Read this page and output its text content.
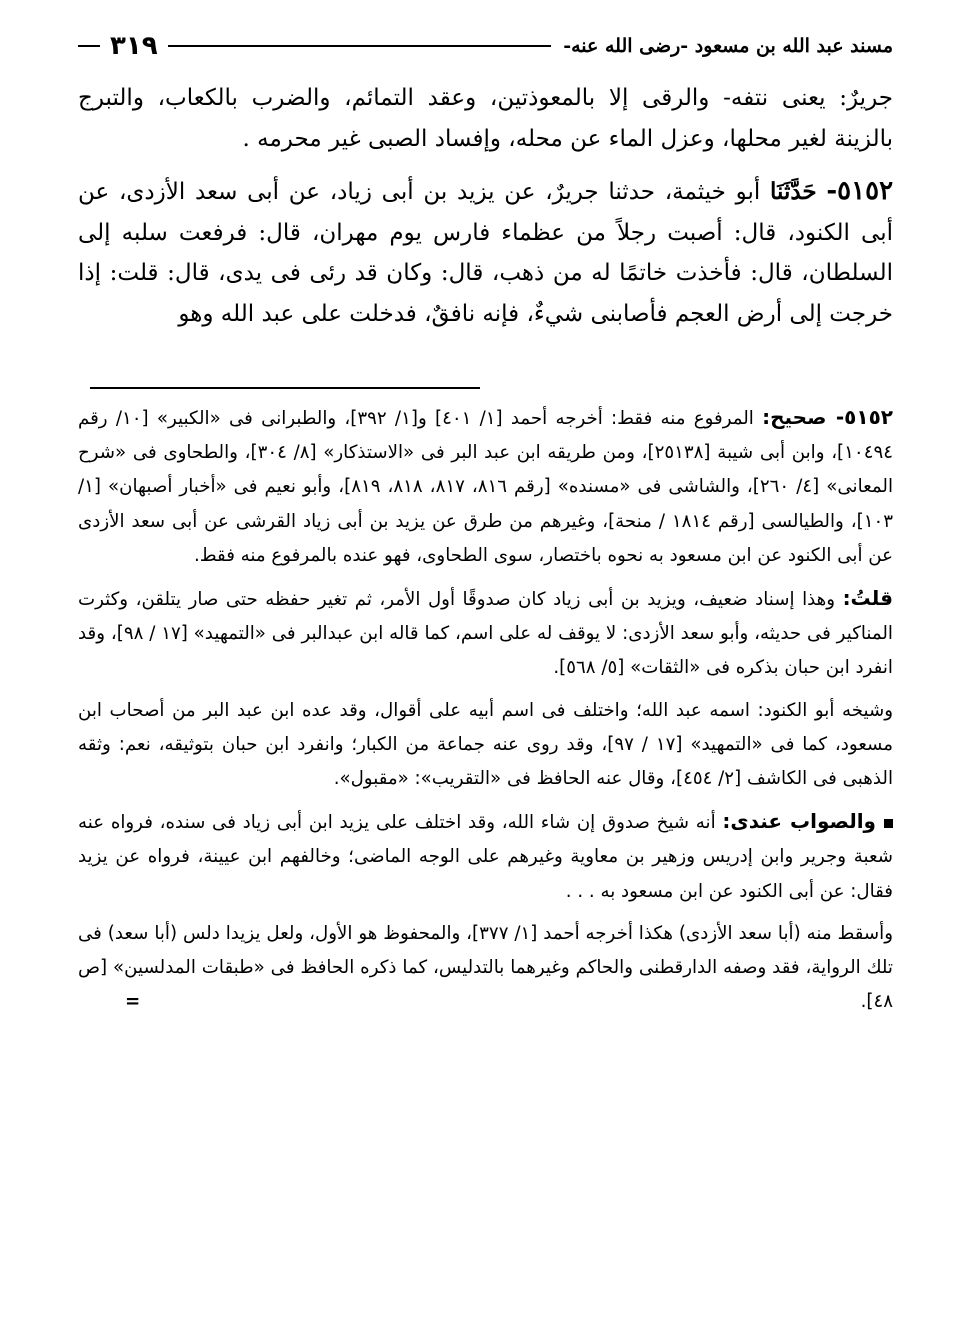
مسند عبد الله بن مسعود -رضى الله عنه-
٣١٩

جريرٌ: يعنى نتفه- والرقى إلا بالمعوذتين، وعقد التمائم، والضرب بالكعاب، والتبرج بالزينة لغير محلها، وعزل الماء عن محله، وإفساد الصبى غير محرمه .

٥١٥٢- حَدَّثَنَا أبو خيثمة، حدثنا جريرٌ، عن يزيد بن أبى زياد، عن أبى سعد الأزدى، عن أبى الكنود، قال: أصبت رجلاً من عظماء فارس يوم مهران، قال: فرفعت سلبه إلى السلطان، قال: فأخذت خاتمًا له من ذهب، قال: وكان قد رئى فى يدى، قال: قلت: إذا خرجت إلى أرض العجم فأصابنى شيءٌ، فإنه نافقٌ، فدخلت على عبد الله وهو

٥١٥٢- صحيح: المرفوع منه فقط: أخرجه أحمد [١/ ٤٠١] و[١/ ٣٩٢]، والطبرانى فى «الكبير» [١٠/ رقم ١٠٤٩٤]، وابن أبى شيبة [٢٥١٣٨]، ومن طريقه ابن عبد البر فى «الاستذكار» [٨/ ٣٠٤]، والطحاوى فى «شرح المعانى» [٤/ ٢٦٠]، والشاشى فى «مسنده» [رقم ٨١٦، ٨١٧، ٨١٨، ٨١٩]، وأبو نعيم فى «أخبار أصبهان» [١/ ١٠٣]، والطيالسى [رقم ١٨١٤ / منحة]، وغيرهم من طرق عن يزيد بن أبى زياد القرشى عن أبى سعد الأزدى عن أبى الكنود عن ابن مسعود به نحوه باختصار، سوى الطحاوى، فهو عنده بالمرفوع منه فقط.

قلتُ: وهذا إسناد ضعيف، ويزيد بن أبى زياد كان صدوقًا أول الأمر، ثم تغير حفظه حتى صار يتلقن، وكثرت المناكير فى حديثه، وأبو سعد الأزدى: لا يوقف له على اسم، كما قاله ابن عبدالبر فى «التمهيد» [١٧ / ٩٨]، وقد انفرد ابن حبان بذكره فى «الثقات» [٥/ ٥٦٨].

وشيخه أبو الكنود: اسمه عبد الله؛ واختلف فى اسم أبيه على أقوال، وقد عده ابن عبد البر من أصحاب ابن مسعود، كما فى «التمهيد» [١٧ / ٩٧]، وقد روى عنه جماعة من الكبار؛ وانفرد ابن حبان بتوثيقه، نعم: وثقه الذهبى فى الكاشف [٢/ ٤٥٤]، وقال عنه الحافظ فى «التقريب»: «مقبول».

والصواب عندى: أنه شيخ صدوق إن شاء الله، وقد اختلف على يزيد ابن أبى زياد فى سنده، فرواه عنه شعبة وجرير وابن إدريس وزهير بن معاوية وغيرهم على الوجه الماضى؛ وخالفهم ابن عيينة، فرواه عن يزيد فقال: عن أبى الكنود عن ابن مسعود به . . .

وأسقط منه (أبا سعد الأزدى) هكذا أخرجه أحمد [١/ ٣٧٧]، والمحفوظ هو الأول، ولعل يزيدا دلس (أبا سعد) فى تلك الرواية، فقد وصفه الدارقطنى والحاكم وغيرهما بالتدليس، كما ذكره الحافظ فى «طبقات المدلسين» [ص ٤٨].
=
